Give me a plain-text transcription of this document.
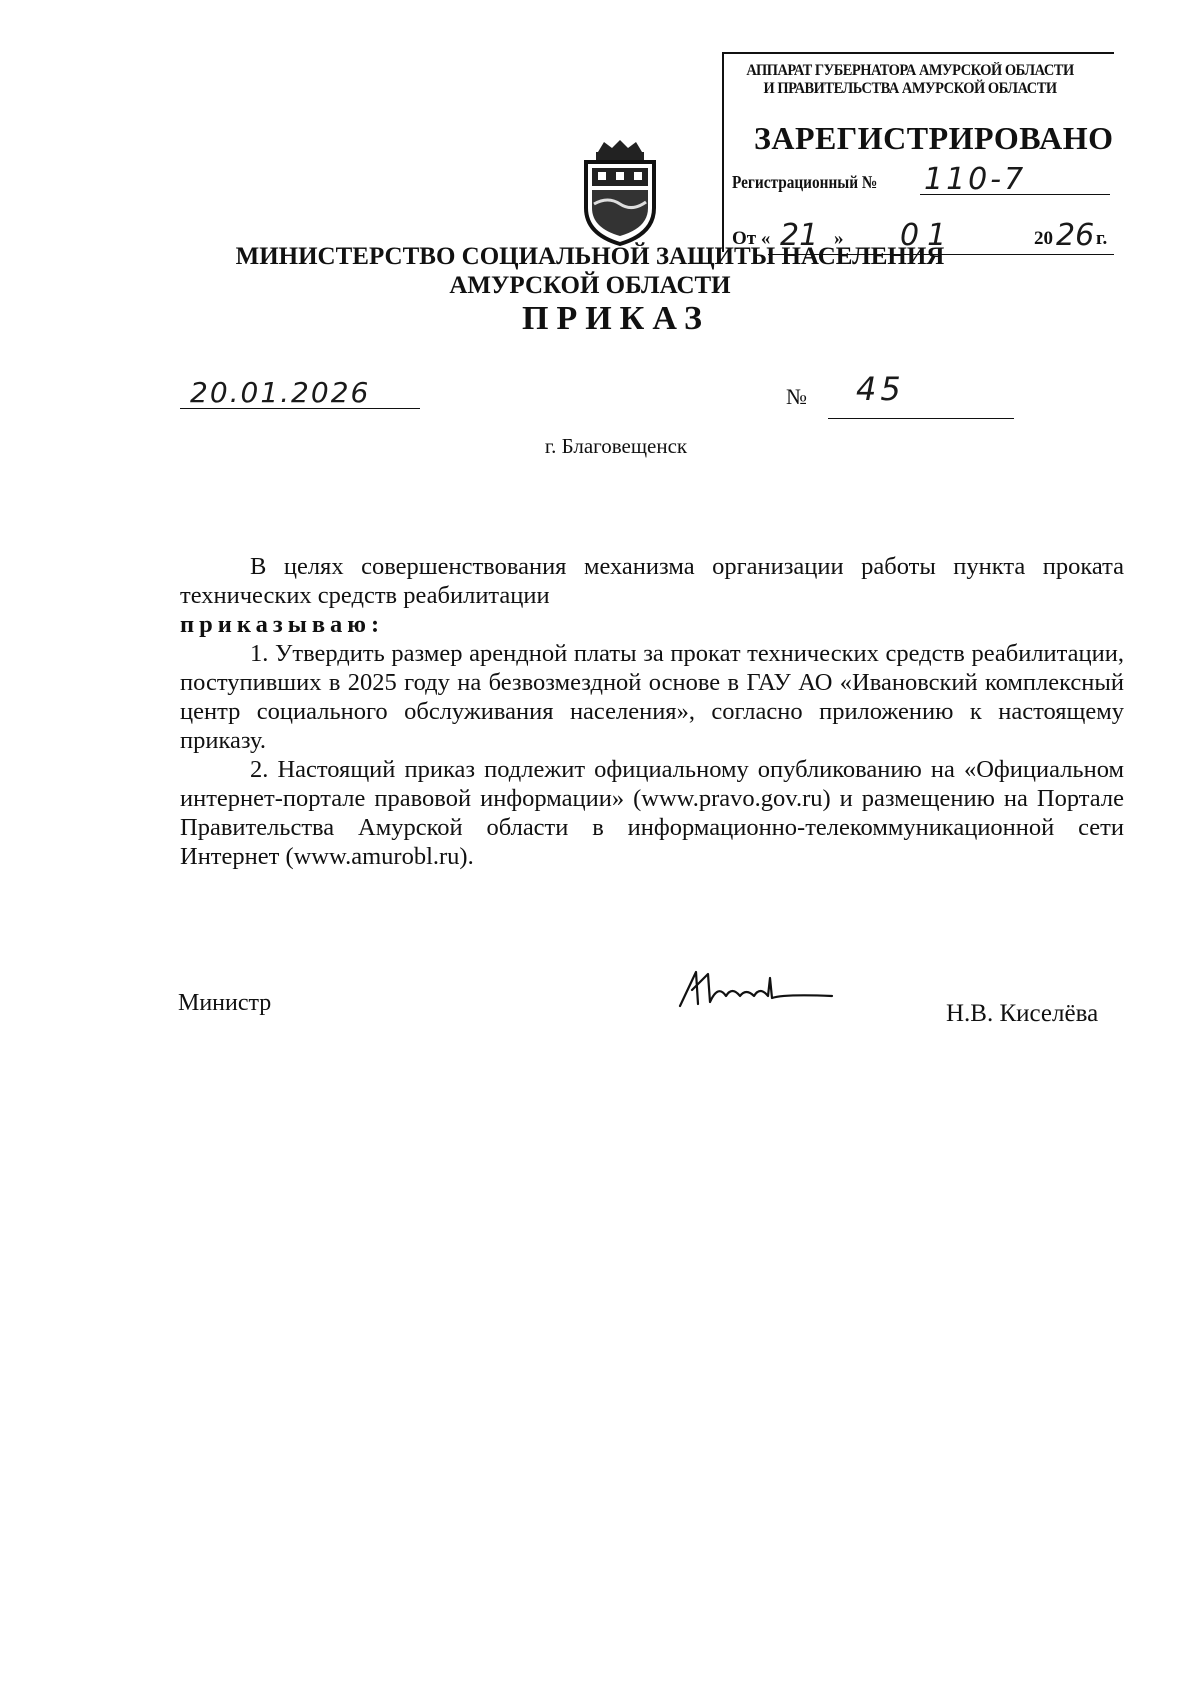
АППАРАТ ГУБЕРНАТОРА АМУРСКОЙ ОБЛАСТИ
И ПРАВИТЕЛЬСТВА АМУРСКОЙ ОБЛАСТИ
ЗАРЕГИСТРИРОВАНО
Регистрационный № 110-7
От « 21 » 01	20 26 г.
МИНИСТЕРСТВО СОЦИАЛЬНОЙ ЗАЩИТЫ НАСЕЛЕНИЯ
АМУРСКОЙ ОБЛАСТИ
ПРИКАЗ
20.01.2026	№ 45
г. Благовещенск

В целях совершенствования механизма организации работы пункта проката технических средств реабилитации

приказываю:

1. Утвердить размер арендной платы за прокат технических средств реабилитации, поступивших в 2025 году на безвозмездной основе в ГАУ АО «Ивановский комплексный центр социального обслуживания населения», согласно приложению к настоящему приказу.

2. Настоящий приказ подлежит официальному опубликованию на «Официальном интернет-портале правовой информации» (www.pravo.gov.ru) и размещению на Портале Правительства Амурской области в информационно-телекоммуникационной сети Интернет (www.amurobl.ru).

Министр	Н.В. Киселёва
